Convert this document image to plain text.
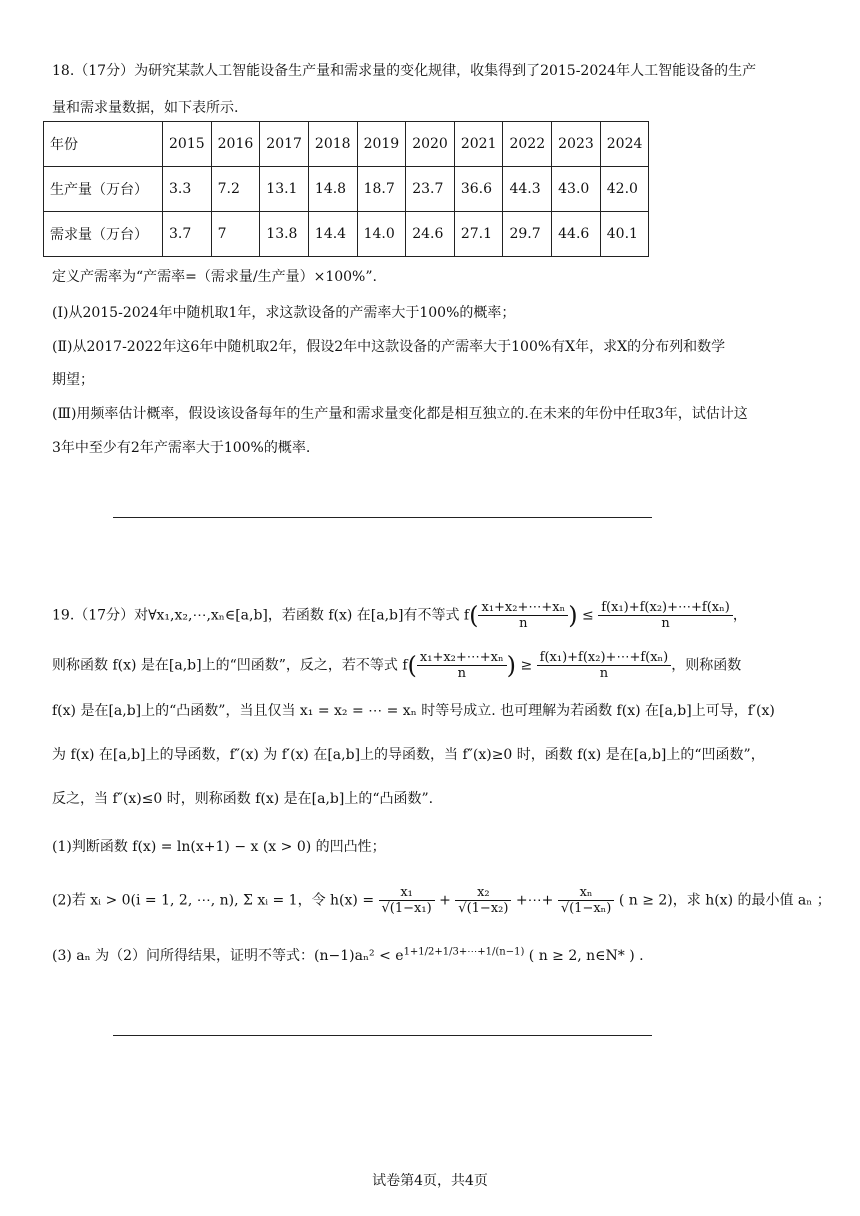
18.（17分）为研究某款人工智能设备生产量和需求量的变化规律，收集得到了2015-2024年人工智能设备的生产
量和需求量数据，如下表所示.
年份	2015	2016	2017	2018	2019	2020	2021	2022	2023	2024
生产量（万台）	3.3	7.2	13.1	14.8	18.7	23.7	36.6	44.3	43.0	42.0
需求量（万台）	3.7	7	13.8	14.4	14.0	24.6	27.1	29.7	44.6	40.1
定义产需率为“产需率=（需求量/生产量）×100%”.
(Ⅰ)从2015-2024年中随机取1年，求这款设备的产需率大于100%的概率；
(Ⅱ)从2017-2022年这6年中随机取2年，假设2年中这款设备的产需率大于100%有X年，求X的分布列和数学
期望；
(Ⅲ)用频率估计概率，假设该设备每年的生产量和需求量变化都是相互独立的.在未来的年份中任取3年，试估计这
3年中至少有2年产需率大于100%的概率.
19.（17分）对∀x₁,x₂,⋯,xₙ∈[a,b]，若函数 f(x) 在[a,b]有不等式 $f( \frac{\text{x₁+x₂+⋯+xₙ}}{n}$ ) ≤ $\frac{\text{f(x₁)+f(x₂)+⋯+f(xₙ)}}{n}$ ，
则称函数 f(x) 是在[a,b]上的“凹函数”，反之，若不等式 $f( \frac{\text{x₁+x₂+⋯+xₙ}}{n}$ ) ≥ $\frac{\text{f(x₁)+f(x₂)+⋯+f(xₙ)}}{n}$ ，则称函数
f(x) 是在[a,b]上的“凸函数”，当且仅当 x₁ = x₂ = ⋯ = xₙ 时等号成立. 也可理解为若函数 f(x) 在[a,b]上可导，f′(x)
为 f(x) 在[a,b]上的导函数，f″(x) 为 f′(x) 在[a,b]上的导函数，当 f″(x)≥0 时，函数 f(x) 是在[a,b]上的“凹函数”，
反之，当 f″(x)≤0 时，则称函数 f(x) 是在[a,b]上的“凸函数”.
(1)判断函数 f(x) = ln(x+1) − x (x > 0) 的凹凸性；
(2)若 xᵢ > 0(i = 1, 2, ⋯, n), Σ xᵢ = 1，令 $h(x) = \frac{\text{x₁}}{\text{√(1−x₁)}} + \frac{\text{x₂}}{\text{√(1−x₂)}}$ +⋯+ $\frac{\text{xₙ}}{\text{√(1−xₙ)}}$ ( n ≥ 2)，求 h(x) 的最小值 aₙ ；
(3) aₙ 为（2）问所得结果，证明不等式：$(n-1)a_n^2 < e^{1+1/2+1/3+\cdots+1/(n-1)}$ ( n ≥ 2, n∈N* ) .
试卷第4页，共4页
